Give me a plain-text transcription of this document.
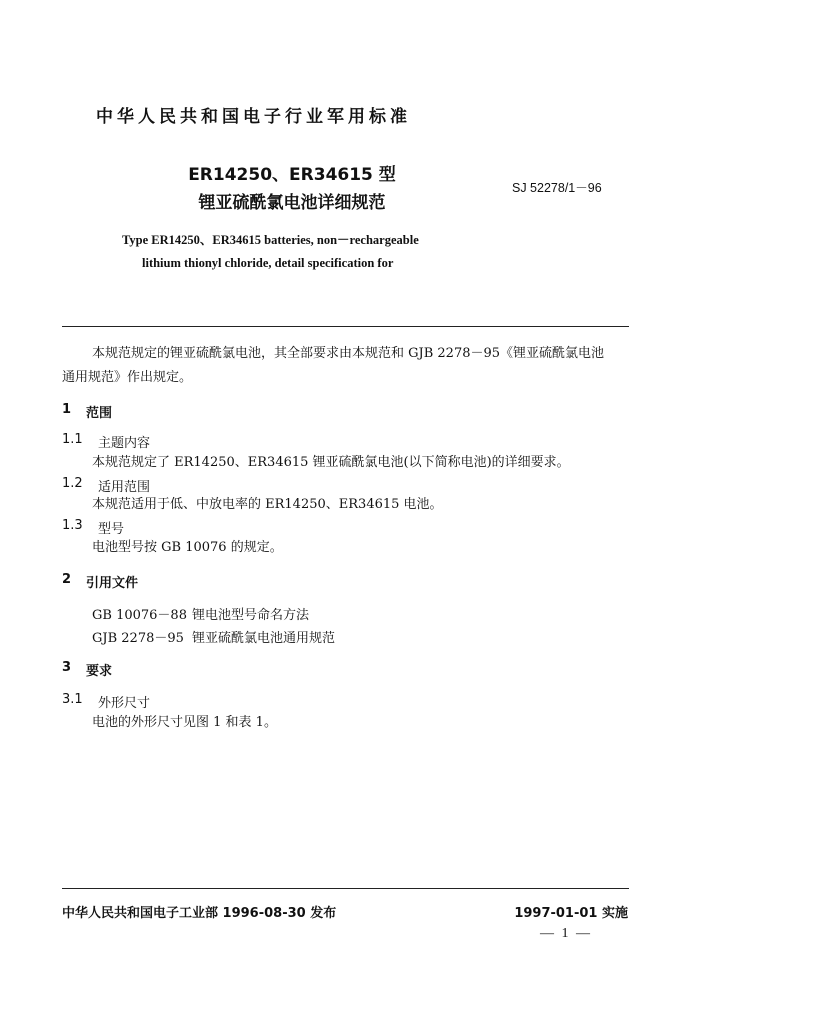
中华人民共和国电子行业军用标准
ER14250、ER34615 型
锂亚硫酰氯电池详细规范
SJ 52278/1－96
Type ER14250、ER34615 batteries, non－rechargeable
lithium thionyl chloride, detail specification for
本规范规定的锂亚硫酰氯电池，其全部要求由本规范和 GJB 2278－95《锂亚硫酰氯电池
通用规范》作出规定。
1 范围
1.1 主题内容
本规范规定了 ER14250、ER34615 锂亚硫酰氯电池(以下简称电池)的详细要求。
1.2 适用范围
本规范适用于低、中放电率的 ER14250、ER34615 电池。
1.3 型号
电池型号按 GB 10076 的规定。
2 引用文件
GB 10076－88 锂电池型号命名方法
GJB 2278－95 锂亚硫酰氯电池通用规范
3 要求
3.1 外形尺寸
电池的外形尺寸见图 1 和表 1。
中华人民共和国电子工业部 1996-08-30 发布	1997-01-01 实施
— 1 —
